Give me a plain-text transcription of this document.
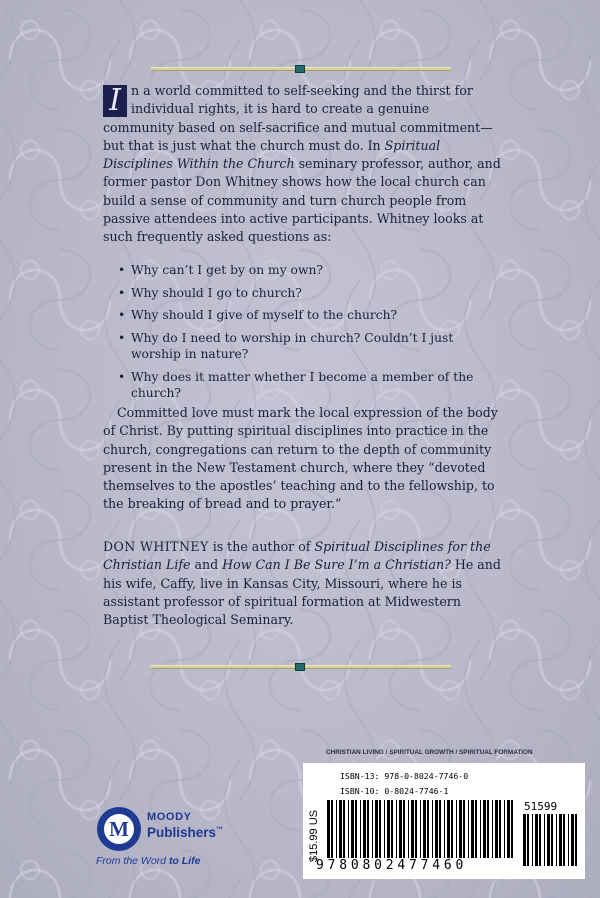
I n a world committed to self-seeking and the thirst for individual rights, it is hard to create a genuine community based on self-sacrifice and mutual commitment—but that is just what the church must do. In Spiritual Disciplines Within the Church seminary professor, author, and former pastor Don Whitney shows how the local church can build a sense of community and turn church people from passive attendees into active participants. Whitney looks at such frequently asked questions as:

• Why can’t I get by on my own?
• Why should I go to church?
• Why should I give of myself to the church?
• Why do I need to worship in church? Couldn’t I just worship in nature?
• Why does it matter whether I become a member of the church?

Committed love must mark the local expression of the body of Christ. By putting spiritual disciplines into practice in the church, congregations can return to the depth of community present in the New Testament church, where they “devoted themselves to the apostles’ teaching and to the fellowship, to the breaking of bread and to prayer.”

DON WHITNEY is the author of Spiritual Disciplines for the Christian Life and How Can I Be Sure I’m a Christian? He and his wife, Caffy, live in Kansas City, Missouri, where he is assistant professor of spiritual formation at Midwestern Baptist Theological Seminary.

CHRISTIAN LIVING / SPIRITUAL GROWTH / SPIRITUAL FORMATION
$15.99 US
ISBN-13: 978-0-8024-7746-0
ISBN-10: 0-8024-7746-1
51599
9780802477460
M MOODY
Publishers™
From the Word to Life
